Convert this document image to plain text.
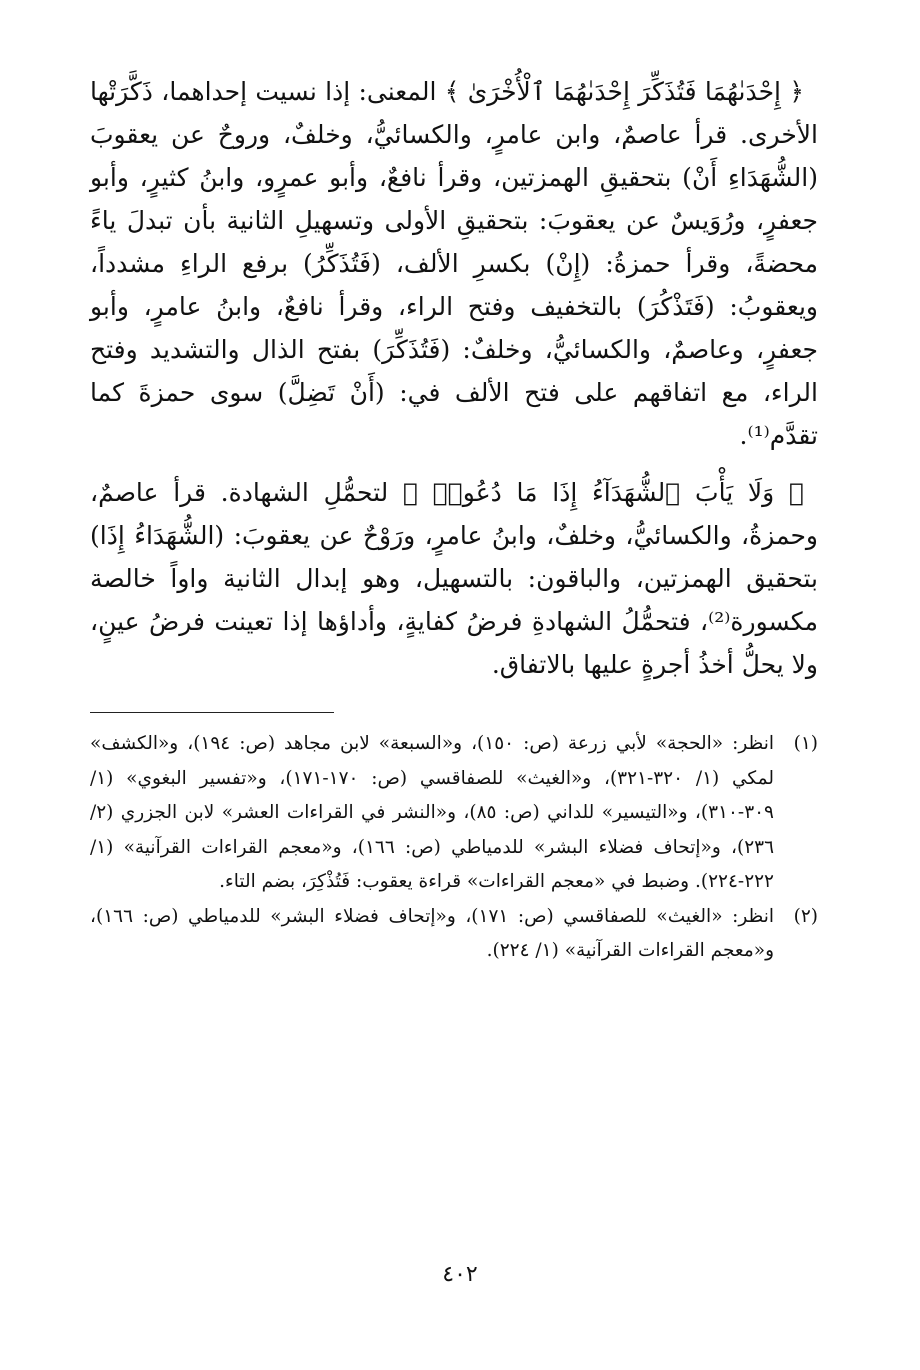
﴿ إِحْدَىٰهُمَا فَتُذَكِّرَ إِحْدَىٰهُمَا ٱلْأُخْرَىٰ ﴾ المعنى: إذا نسيت إحداهما، ذَكَّرَتْها الأخرى. قرأ عاصمٌ، وابن عامرٍ، والكسائيُّ، وخلفٌ، وروحٌ عن يعقوبَ (الشُّهَدَاءِ أَنْ) بتحقيقِ الهمزتين، وقرأ نافعٌ، وأبو عمرٍو، وابنُ كثيرٍ، وأبو جعفرٍ، ورُوَيسٌ عن يعقوبَ: بتحقيقِ الأولى وتسهيلِ الثانية بأن تبدلَ ياءً محضةً، وقرأ حمزةُ: (إِنْ) بكسرِ الألف، (فَتُذَكِّرُ) برفع الراءِ مشدداً، ويعقوبُ: (فَتَذْكُرَ) بالتخفيف وفتح الراء، وقرأ نافعٌ، وابنُ عامرٍ، وأبو جعفرٍ، وعاصمٌ، والكسائيُّ، وخلفٌ: (فَتُذَكِّرَ) بفتح الذال والتشديد وفتح الراء، مع اتفاقهم على فتح الألف في: (أَنْ تَضِلَّ) سوى حمزةَ كما تقدَّم⁽¹⁾.

﴿ وَلَا يَأْبَ ٱلشُّهَدَآءُ إِذَا مَا دُعُوا۟ ﴾ لتحمُّلِ الشهادة. قرأ عاصمٌ، وحمزةُ، والكسائيُّ، وخلفٌ، وابنُ عامرٍ، ورَوْحٌ عن يعقوبَ: (الشُّهَدَاءُ إِذَا) بتحقيق الهمزتين، والباقون: بالتسهيل، وهو إبدال الثانية واواً خالصة مكسورة⁽²⁾، فتحمُّلُ الشهادةِ فرضُ كفايةٍ، وأداؤها إذا تعينت فرضُ عينٍ، ولا يحلُّ أخذُ أجرةٍ عليها بالاتفاق.

(١)
انظر: «الحجة» لأبي زرعة (ص: ١٥٠)، و«السبعة» لابن مجاهد (ص: ١٩٤)، و«الكشف» لمكي (١/ ٣٢٠-٣٢١)، و«الغيث» للصفاقسي (ص: ١٧٠-١٧١)، و«تفسير البغوي» (١/ ٣٠٩-٣١٠)، و«التيسير» للداني (ص: ٨٥)، و«النشر في القراءات العشر» لابن الجزري (٢/ ٢٣٦)، و«إتحاف فضلاء البشر» للدمياطي (ص: ١٦٦)، و«معجم القراءات القرآنية» (١/ ٢٢٢-٢٢٤). وضبط في «معجم القراءات» قراءة يعقوب: فَتُذْكِرَ، بضم التاء.
(٢)
انظر: «الغيث» للصفاقسي (ص: ١٧١)، و«إتحاف فضلاء البشر» للدمياطي (ص: ١٦٦)، و«معجم القراءات القرآنية» (١/ ٢٢٤).
٤٠٢
